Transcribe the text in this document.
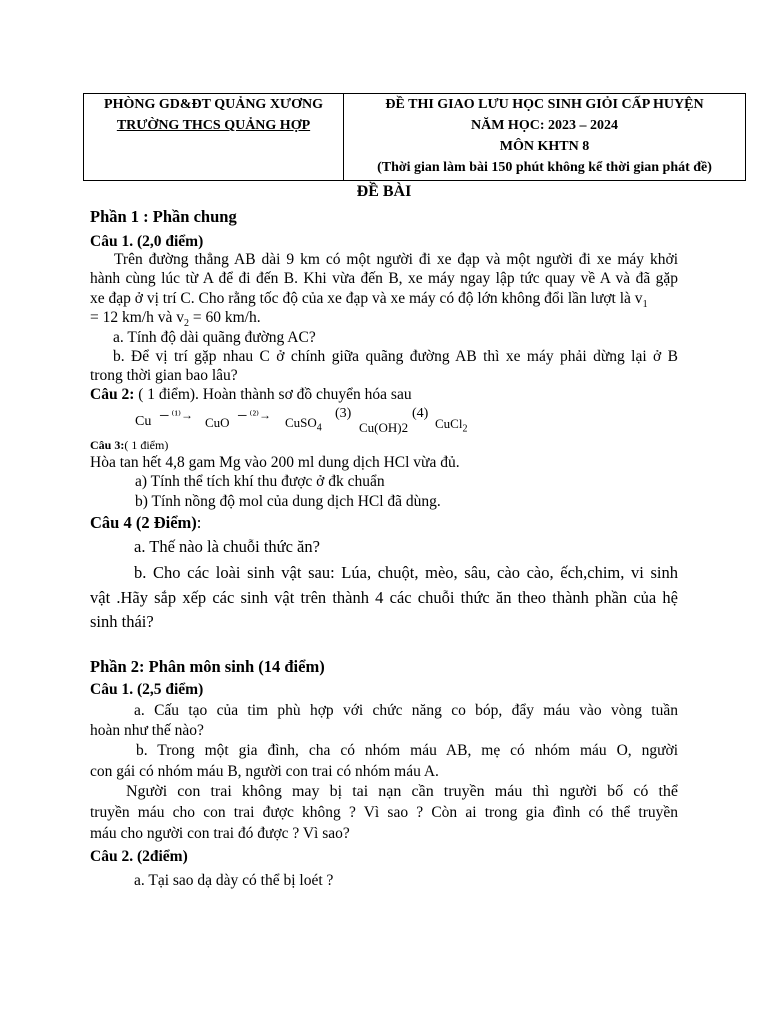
PHÒNG GD&ĐT QUẢNG XƯƠNG
TRƯỜNG THCS QUẢNG HỢP

ĐỀ THI GIAO LƯU HỌC SINH GIỎI CẤP HUYỆN
NĂM HỌC: 2023 – 2024
MÔN KHTN 8
(Thời gian làm bài 150 phút không kể thời gian phát đề)
ĐỀ BÀI
Phần 1 : Phần chung
Câu 1. (2,0 điểm)
Trên đường thẳng AB dài 9 km có một người đi xe đạp và một người đi xe máy khởi
hành cùng lúc từ A để đi đến B. Khi vừa đến B, xe máy ngay lập tức quay về A và đã gặp
xe đạp ở vị trí C. Cho rằng tốc độ của xe đạp và xe máy có độ lớn không đổi lần lượt là $v_1$
= 12 km/h và $v_2 = 60$ km/h.
a. Tính độ dài quãng đường AC?
b. Để vị trí gặp nhau C ở chính giữa quãng đường AB thì xe máy phải dừng lại ở B
trong thời gian bao lâu?
Câu 2: ( 1 điểm). Hoàn thành sơ đồ chuyển hóa sau
Cu ─ ⁽¹⁾→ CuO ─ ⁽²⁾→ CuSO$_4$
(3)
Cu(OH)2
(4)
CuCl$_2$
Câu 3:( 1 điểm)
Hòa tan hết 4,8 gam Mg vào 200 ml dung dịch HCl vừa đủ.
a) Tính thể tích khí thu được ở đk chuẩn
b) Tính nồng độ mol của dung dịch HCl đã dùng.
Câu 4 (2 Điểm):
a. Thế nào là chuỗi thức ăn?
b. Cho các loài sinh vật sau: Lúa, chuột, mèo, sâu, cào cào, ếch,chim, vi sinh
vật .Hãy sắp xếp các sinh vật trên thành 4 các chuỗi thức ăn theo thành phần của hệ
sinh thái?
Phần 2: Phân môn sinh (14 điểm)
Câu 1. (2,5 điểm)
a. Cấu tạo của tim phù hợp với chức năng co bóp, đẩy máu vào vòng tuần
hoàn như thế nào?
b. Trong một gia đình, cha có nhóm máu AB, mẹ có nhóm máu O, người
con gái có nhóm máu B, người con trai có nhóm máu A.
Người con trai không may bị tai nạn cần truyền máu thì người bố có thể
truyền máu cho con trai được không ? Vì sao ? Còn ai trong gia đình có thể truyền
máu cho người con trai đó được ? Vì sao?
Câu 2. (2điểm)
a. Tại sao dạ dày có thể bị loét ?
